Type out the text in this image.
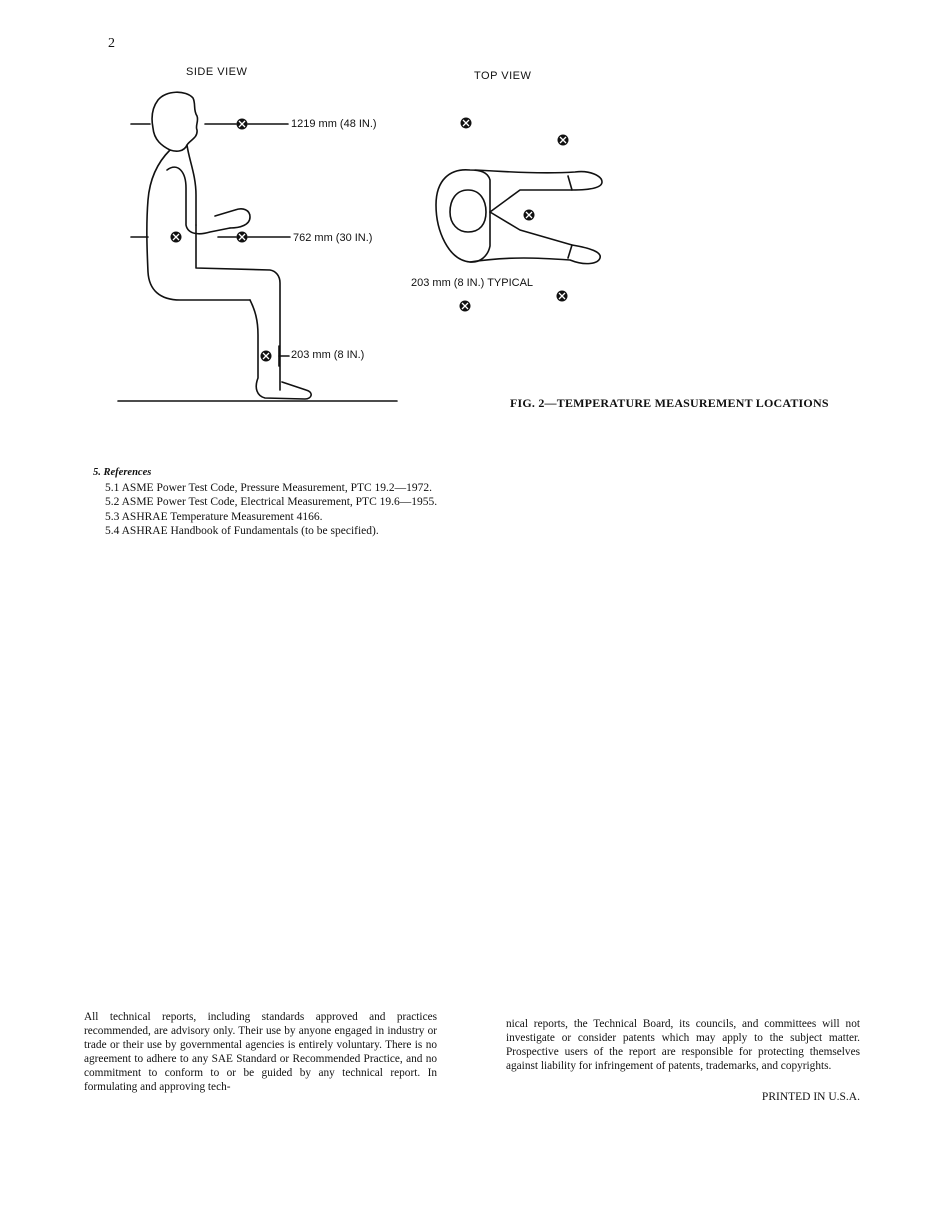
2
SIDE VIEW	TOP VIEW
1219 mm (48 IN.)
762 mm (30 IN.)
203 mm (8 IN.)
203 mm (8 IN.) TYPICAL
FIG. 2—TEMPERATURE MEASUREMENT LOCATIONS
5. References
5.1 ASME Power Test Code, Pressure Measurement, PTC 19.2—1972.
5.2 ASME Power Test Code, Electrical Measurement, PTC 19.6—1955.
5.3 ASHRAE Temperature Measurement 4166.
5.4 ASHRAE Handbook of Fundamentals (to be specified).
All technical reports, including standards approved and practices recommended, are advisory only. Their use by anyone engaged in industry or trade or their use by governmental agencies is entirely voluntary. There is no agreement to adhere to any SAE Standard or Recommended Practice, and no commitment to conform to or be guided by any technical report. In formulating and approving tech-
nical reports, the Technical Board, its councils, and committees will not investigate or consider patents which may apply to the subject matter. Prospective users of the report are responsible for protecting themselves against liability for infringement of patents, trademarks, and copyrights.
PRINTED IN U.S.A.
